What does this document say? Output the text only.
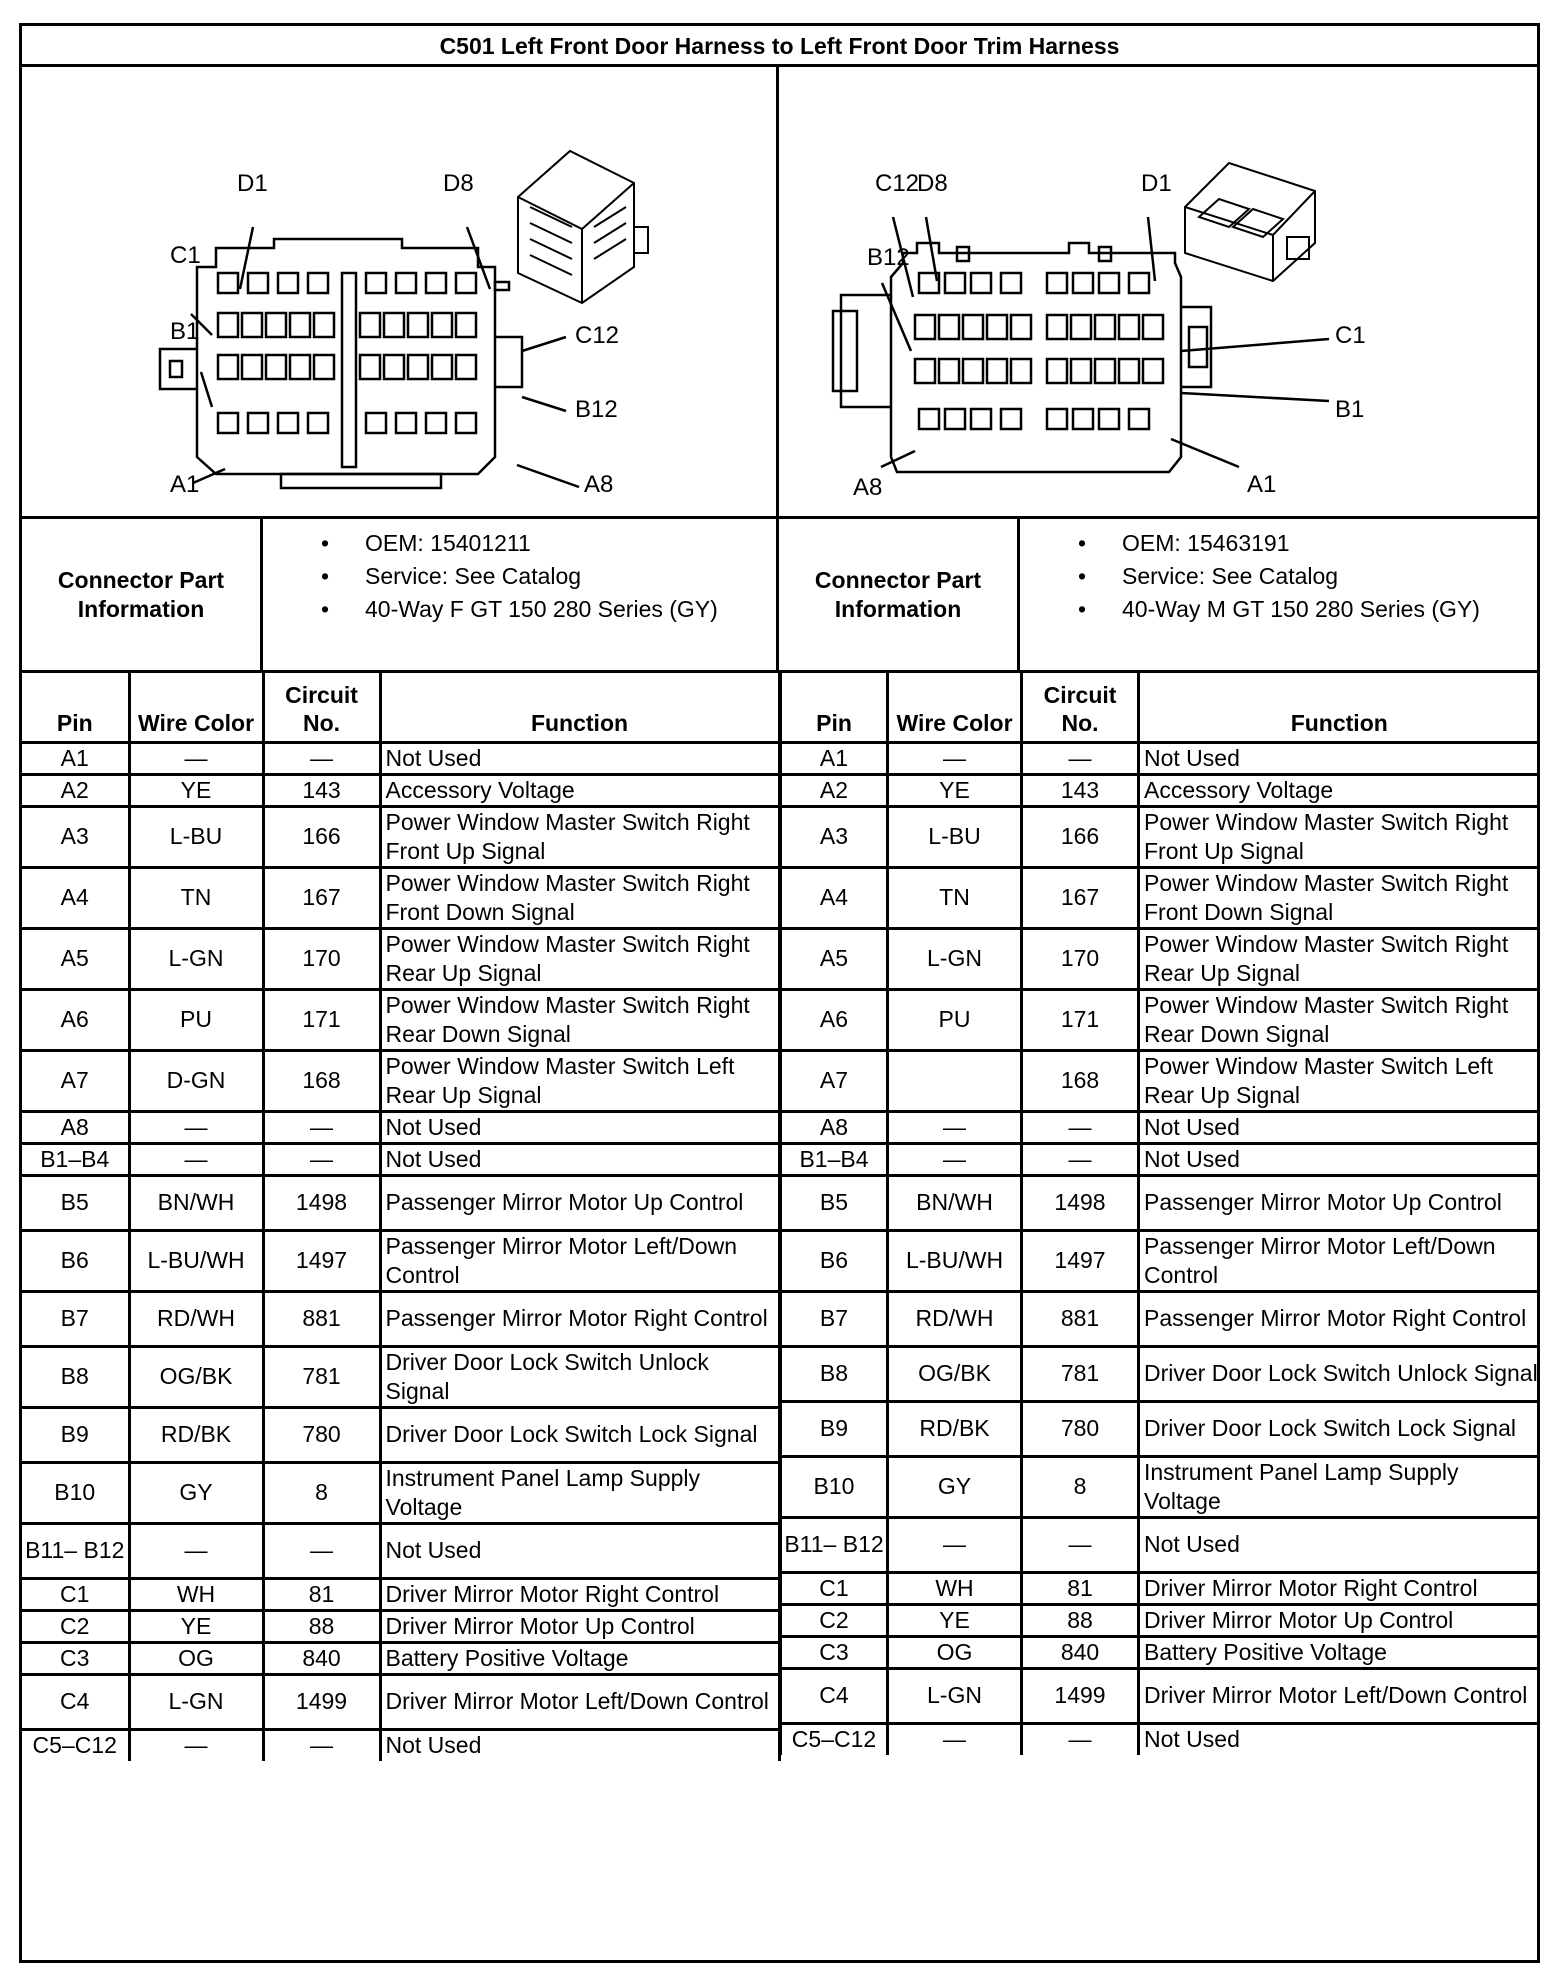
C501 Left Front Door Harness to Left Front Door Trim Harness
D1	D8
C1
B1	C12
B12
A1	A8
C12
D8	D1
B12
C1
B1
A8	A1
Connector Part Information
• OEM: 15401211
• Service: See Catalog
• 40-Way F GT 150 280 Series (GY)
Connector Part Information
• OEM: 15463191
• Service: See Catalog
• 40-Way M GT 150 280 Series (GY)
Pin	Wire Color	Circuit No.	Function
A1	—	—	Not Used
A2	YE	143	Accessory Voltage
A3	L-BU	166	Power Window Master Switch Right Front Up Signal
A4	TN	167	Power Window Master Switch Right Front Down Signal
A5	L-GN	170	Power Window Master Switch Right Rear Up Signal
A6	PU	171	Power Window Master Switch Right Rear Down Signal
A7	D-GN	168	Power Window Master Switch Left Rear Up Signal
A8	—	—	Not Used
B1–B4	—	—	Not Used
B5	BN/WH	1498	Passenger Mirror Motor Up Control
B6	L-BU/WH	1497	Passenger Mirror Motor Left/Down Control
B7	RD/WH	881	Passenger Mirror Motor Right Control
B8	OG/BK	781	Driver Door Lock Switch Unlock Signal
B9	RD/BK	780	Driver Door Lock Switch Lock Signal
B10	GY	8	Instrument Panel Lamp Supply Voltage
B11– B12	—	—	Not Used
C1	WH	81	Driver Mirror Motor Right Control
C2	YE	88	Driver Mirror Motor Up Control
C3	OG	840	Battery Positive Voltage
C4	L-GN	1499	Driver Mirror Motor Left/Down Control
C5–C12	—	—	Not Used
Pin	Wire Color	Circuit No.	Function
A1	—	—	Not Used
A2	YE	143	Accessory Voltage
A3	L-BU	166	Power Window Master Switch Right Front Up Signal
A4	TN	167	Power Window Master Switch Right Front Down Signal
A5	L-GN	170	Power Window Master Switch Right Rear Up Signal
A6	PU	171	Power Window Master Switch Right Rear Down Signal
A7		168	Power Window Master Switch Left Rear Up Signal
A8	—	—	Not Used
B1–B4	—	—	Not Used
B5	BN/WH	1498	Passenger Mirror Motor Up Control
B6	L-BU/WH	1497	Passenger Mirror Motor Left/Down Control
B7	RD/WH	881	Passenger Mirror Motor Right Control
B8	OG/BK	781	Driver Door Lock Switch Unlock Signal
B9	RD/BK	780	Driver Door Lock Switch Lock Signal
B10	GY	8	Instrument Panel Lamp Supply Voltage
B11– B12	—	—	Not Used
C1	WH	81	Driver Mirror Motor Right Control
C2	YE	88	Driver Mirror Motor Up Control
C3	OG	840	Battery Positive Voltage
C4	L-GN	1499	Driver Mirror Motor Left/Down Control
C5–C12	—	—	Not Used
